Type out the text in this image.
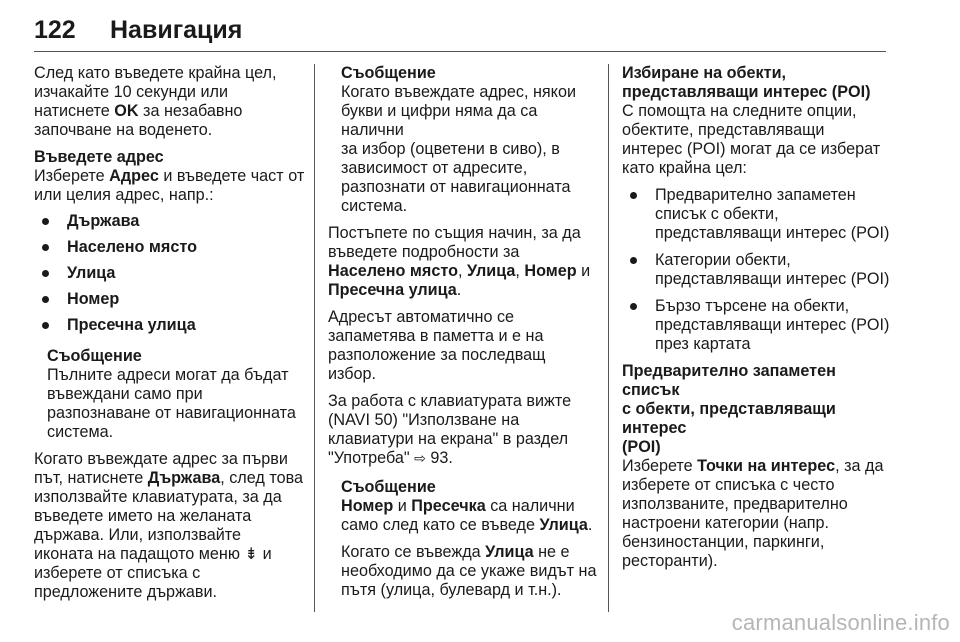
122 Навигация

След като въведете крайна цел,
изчакайте 10 секунди или
натиснете OK за незабавно
започване на воденето.

Въведете адрес

Изберете Адрес и въведете част от
или целия адрес, напр.:

Държава
Населено място
Улица
Номер
Пресечна улица
Съобщение
Пълните адреси могат да бъдат
въвеждани само при
разпознаване от навигационната
система.

Когато въвеждате адрес за първи
път, натиснете Държава, след това
използвайте клавиатурата, за да
въведете името на желаната
държава. Или, използвайте
иконата на падащото меню ⇟ и
изберете от списъка с
предложените държави.

Съобщение
Когато въвеждате адрес, някои
букви и цифри няма да са налични
за избор (оцветени в сиво), в
зависимост от адресите,
разпознати от навигационната
система.

Постъпете по същия начин, за да
въведете подробности за
Населено място, Улица, Номер и
Пресечна улица.

Адресът автоматично се
запаметява в паметта и е на
разположение за последващ
избор.

За работа с клавиатурата вижте
(NAVI 50) "Използване на
клавиатури на екрана" в раздел
"Употреба" ⇨ 93.

Съобщение
Номер и Пресечка са налични
само след като се въведе Улица.

Когато се въвежда Улица не е
необходимо да се укаже видът на
пътя (улица, булевард и т.н.).

Избиране на обекти,
представляващи интерес (POI)

С помощта на следните опции,
обектите, представляващи
интерес (POI) могат да се изберат
като крайна цел:

Предварително запаметен
списък с обекти,
представляващи интерес (POI)
Категории обекти,
представляващи интерес (POI)
Бързо търсене на обекти,
представляващи интерес (POI)
през картата

Предварително запаметен списък
с обекти, представляващи интерес
(POI)

Изберете Точки на интерес, за да
изберете от списъка с често
използваните, предварително
настроени категории (напр.
бензиностанции, паркинги,
ресторанти).

carmanualsonline.info
